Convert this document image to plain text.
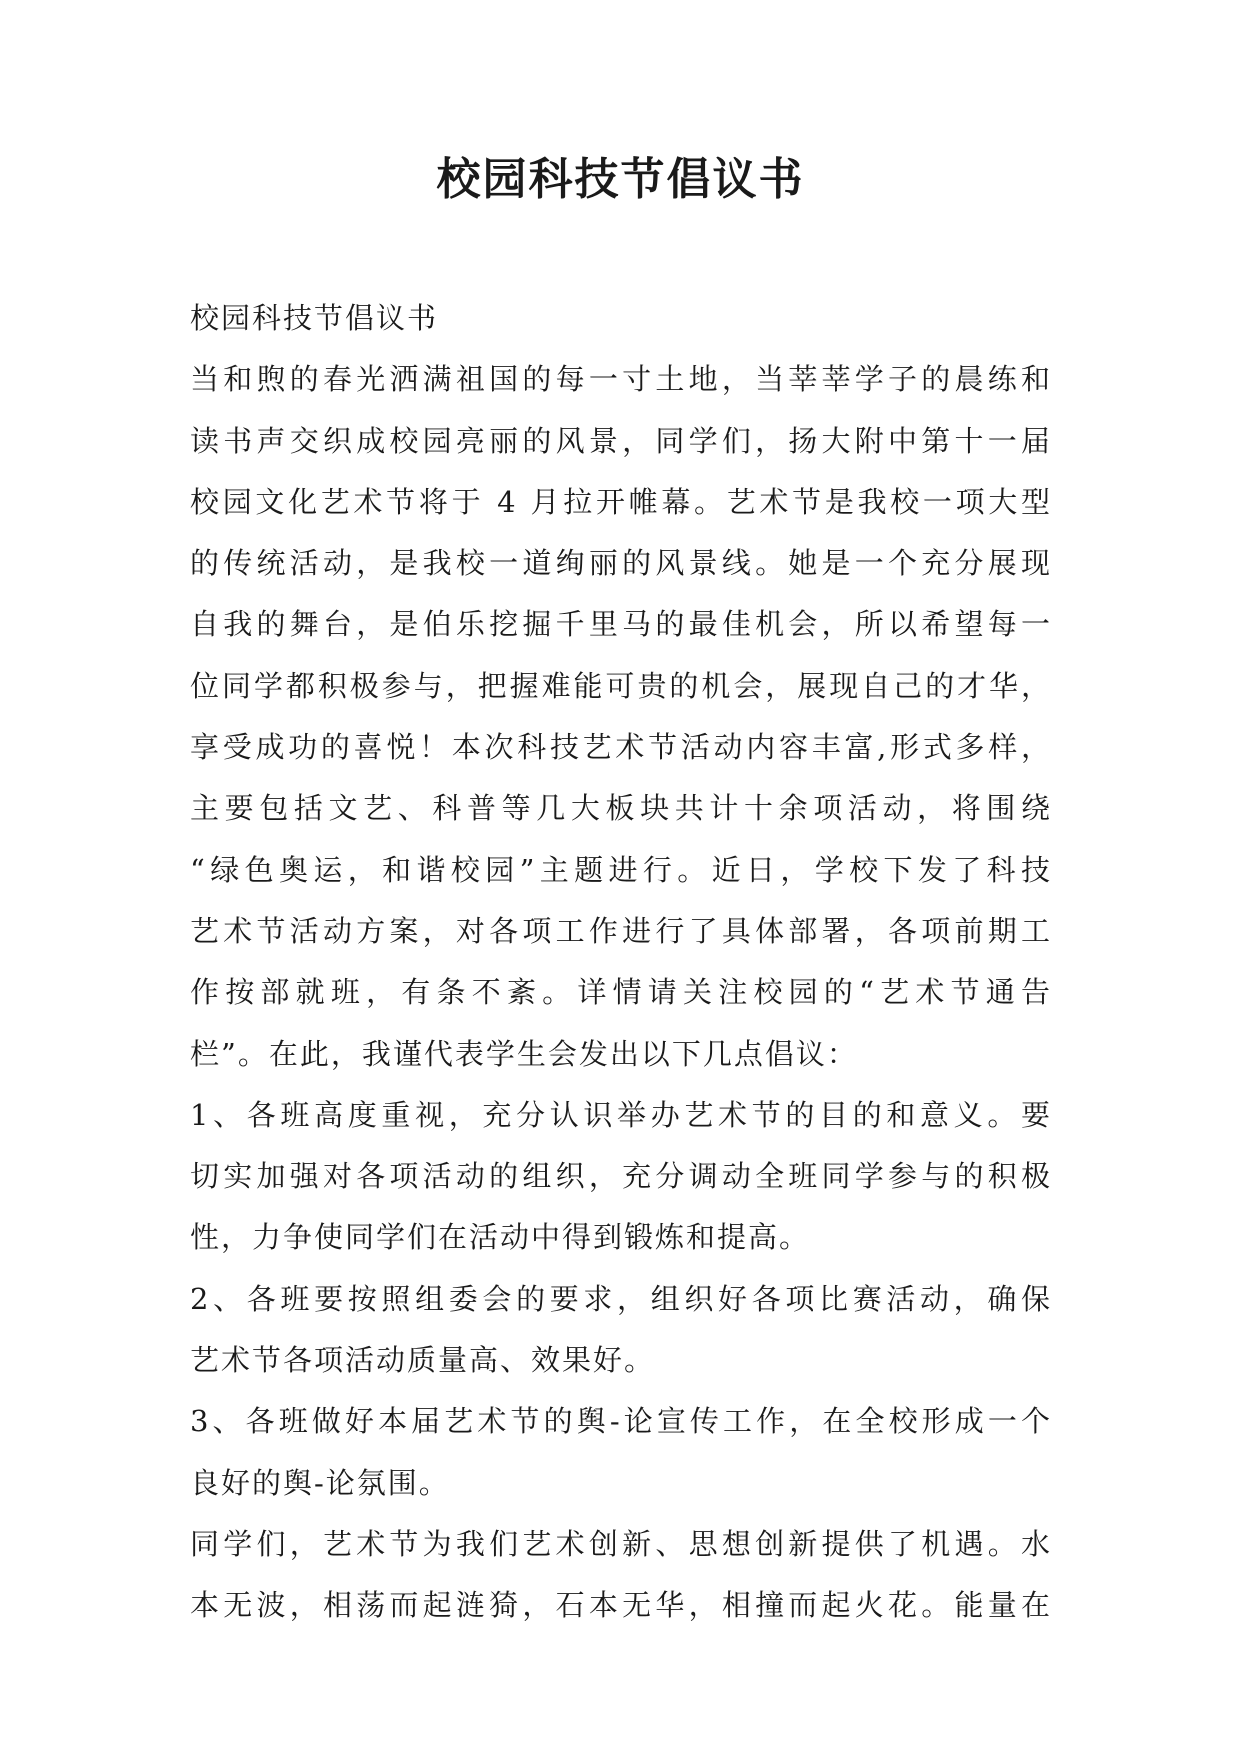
校园科技节倡议书
校园科技节倡议书
当和煦的春光洒满祖国的每一寸土地，当莘莘学子的晨练和
读书声交织成校园亮丽的风景，同学们，扬大附中第十一届
校园文化艺术节将于 4 月拉开帷幕。艺术节是我校一项大型
的传统活动，是我校一道绚丽的风景线。她是一个充分展现
自我的舞台，是伯乐挖掘千里马的最佳机会，所以希望每一
位同学都积极参与，把握难能可贵的机会，展现自己的才华，
享受成功的喜悦！本次科技艺术节活动内容丰富,形式多样，
主要包括文艺、科普等几大板块共计十余项活动，将围绕
“绿色奥运，和谐校园”主题进行。近日，学校下发了科技
艺术节活动方案，对各项工作进行了具体部署，各项前期工
作按部就班，有条不紊。详情请关注校园的“艺术节通告
栏”。在此，我谨代表学生会发出以下几点倡议：
1、各班高度重视，充分认识举办艺术节的目的和意义。要
切实加强对各项活动的组织，充分调动全班同学参与的积极
性，力争使同学们在活动中得到锻炼和提高。
2、各班要按照组委会的要求，组织好各项比赛活动，确保
艺术节各项活动质量高、效果好。
3、各班做好本届艺术节的舆-论宣传工作，在全校形成一个
良好的舆-论氛围。
同学们，艺术节为我们艺术创新、思想创新提供了机遇。水
本无波，相荡而起涟猗，石本无华，相撞而起火花。能量在
